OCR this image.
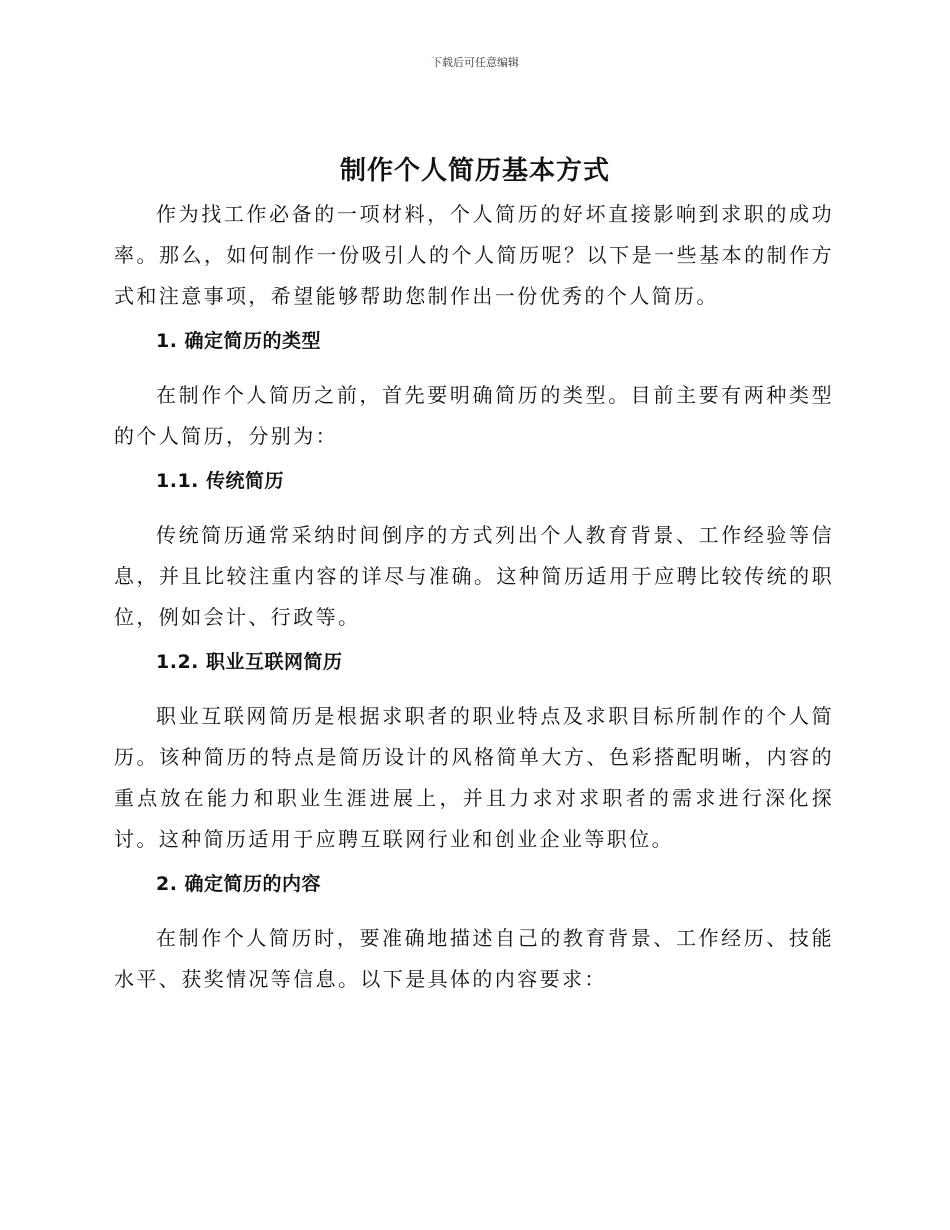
下载后可任意编辑
制作个人简历基本方式

作为找工作必备的一项材料，个人简历的好坏直接影响到求职的成功率。那么，如何制作一份吸引人的个人简历呢？以下是一些基本的制作方式和注意事项，希望能够帮助您制作出一份优秀的个人简历。

1. 确定简历的类型

在制作个人简历之前，首先要明确简历的类型。目前主要有两种类型的个人简历，分别为：

1.1. 传统简历

传统简历通常采纳时间倒序的方式列出个人教育背景、工作经验等信息，并且比较注重内容的详尽与准确。这种简历适用于应聘比较传统的职位，例如会计、行政等。

1.2. 职业互联网简历

职业互联网简历是根据求职者的职业特点及求职目标所制作的个人简历。该种简历的特点是简历设计的风格简单大方、色彩搭配明晰，内容的重点放在能力和职业生涯进展上，并且力求对求职者的需求进行深化探讨。这种简历适用于应聘互联网行业和创业企业等职位。

2. 确定简历的内容

在制作个人简历时，要准确地描述自己的教育背景、工作经历、技能水平、获奖情况等信息。以下是具体的内容要求：
